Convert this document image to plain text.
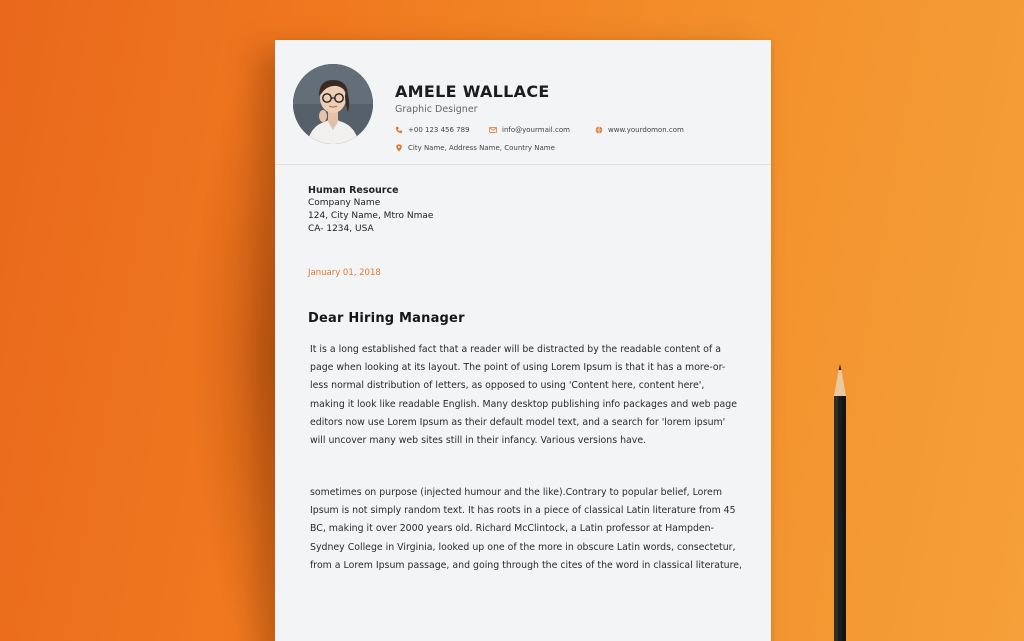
AMELE WALLACE
Graphic Designer
+00 123 456 789	info@yourmail.com	www.yourdomon.com
City Name, Address Name, Country Name
Human Resource
Company Name
124, City Name, Mtro Nmae
CA- 1234, USA
January 01, 2018
Dear Hiring Manager

It is a long established fact that a reader will be distracted by the readable content of a page when looking at its layout. The point of using Lorem Ipsum is that it has a more-or-less normal distribution of letters, as opposed to using 'Content here, content here', making it look like readable English. Many desktop publishing info packages and web page editors now use Lorem Ipsum as their default model text, and a search for 'lorem ipsum' will uncover many web sites still in their infancy. Various versions have.

sometimes on purpose (injected humour and the like).Contrary to popular belief, Lorem Ipsum is not simply random text. It has roots in a piece of classical Latin literature from 45 BC, making it over 2000 years old. Richard McClintock, a Latin professor at Hampden-Sydney College in Virginia, looked up one of the more in obscure Latin words, consectetur, from a Lorem Ipsum passage, and going through the cites of the word in classical literature,
